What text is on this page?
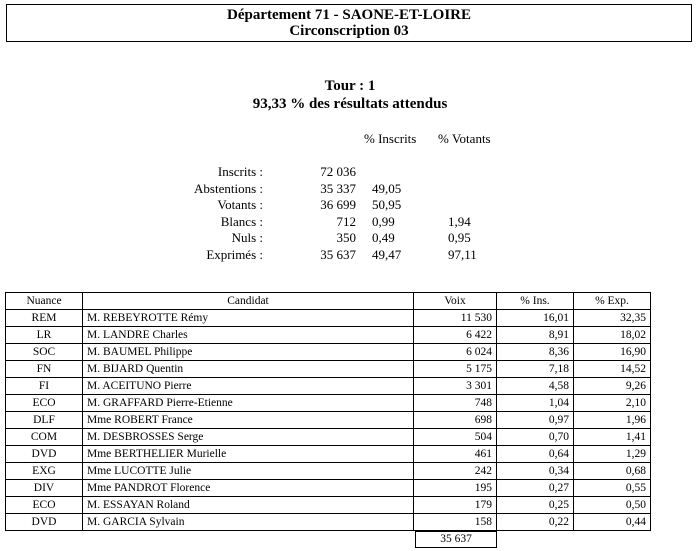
Département 71 - SAONE-ET-LOIRE
Circonscription 03
Tour : 1
93,33 % des résultats attendus
% Inscrits % Votants
Inscrits :	72 036
Abstentions :	35 337 49,05
Votants :	36 699 50,95
Blancs :	712 0,99	1,94
Nuls :	350 0,49	0,95
Exprimés :	35 637 49,47	97,11
Nuance	Candidat	Voix	% Ins.	% Exp.
REM	M. REBEYROTTE Rémy	11 530	16,01	32,35
LR	M. LANDRE Charles	6 422	8,91	18,02
SOC	M. BAUMEL Philippe	6 024	8,36	16,90
FN	M. BIJARD Quentin	5 175	7,18	14,52
FI	M. ACEITUNO Pierre	3 301	4,58	9,26
ECO	M. GRAFFARD Pierre-Etienne	748	1,04	2,10
DLF	Mme ROBERT France	698	0,97	1,96
COM	M. DESBROSSES Serge	504	0,70	1,41
DVD	Mme BERTHELIER Murielle	461	0,64	1,29
EXG	Mme LUCOTTE Julie	242	0,34	0,68
DIV	Mme PANDROT Florence	195	0,27	0,55
ECO	M. ESSAYAN Roland	179	0,25	0,50
DVD	M. GARCIA Sylvain	158	0,22	0,44
35 637
